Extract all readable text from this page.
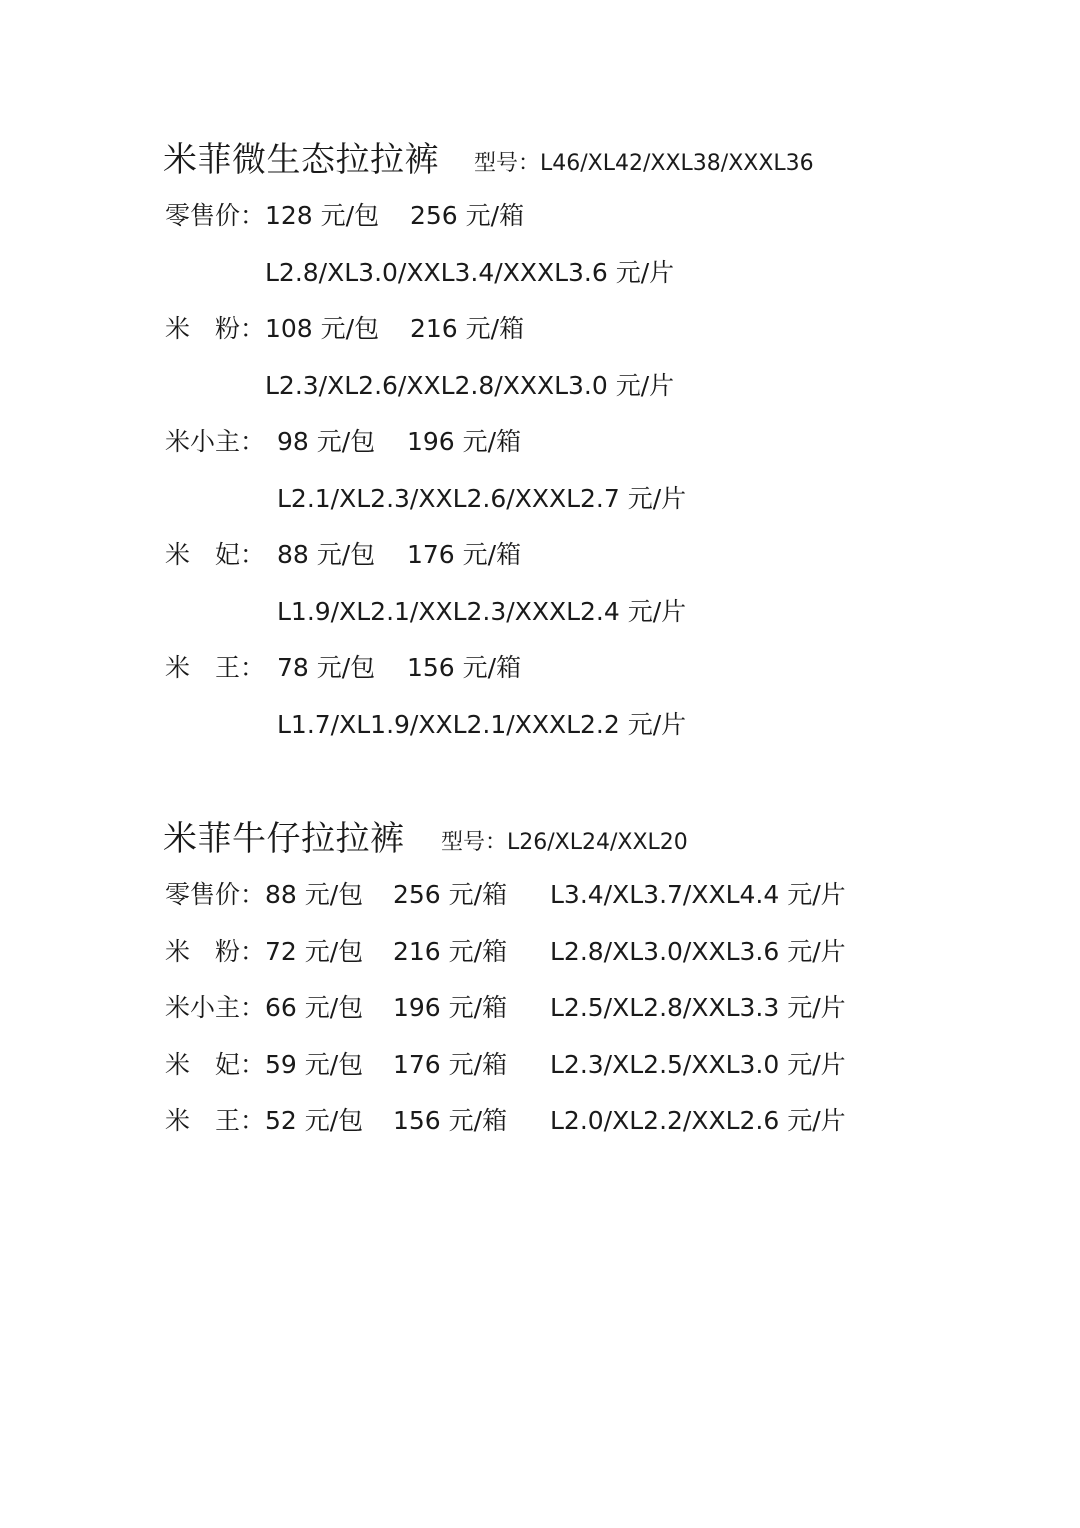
米菲微生态拉拉裤 型号：L46/XL42/XXL38/XXXL36
零售价： 128 元/包 256 元/箱
L2.8/XL3.0/XXL3.4/XXXL3.6 元/片
米　粉： 108 元/包 216 元/箱
L2.3/XL2.6/XXL2.8/XXXL3.0 元/片
米小主： 98 元/包 196 元/箱
L2.1/XL2.3/XXL2.6/XXXL2.7 元/片
米　妃： 88 元/包 176 元/箱
L1.9/XL2.1/XXL2.3/XXXL2.4 元/片
米　王： 78 元/包 156 元/箱
L1.7/XL1.9/XXL2.1/XXXL2.2 元/片
米菲牛仔拉拉裤 型号：L26/XL24/XXL20
零售价： 88 元/包 256 元/箱 L3.4/XL3.7/XXL4.4 元/片
米　粉： 72 元/包 216 元/箱 L2.8/XL3.0/XXL3.6 元/片
米小主： 66 元/包 196 元/箱 L2.5/XL2.8/XXL3.3 元/片
米　妃： 59 元/包 176 元/箱 L2.3/XL2.5/XXL3.0 元/片
米　王： 52 元/包 156 元/箱 L2.0/XL2.2/XXL2.6 元/片
